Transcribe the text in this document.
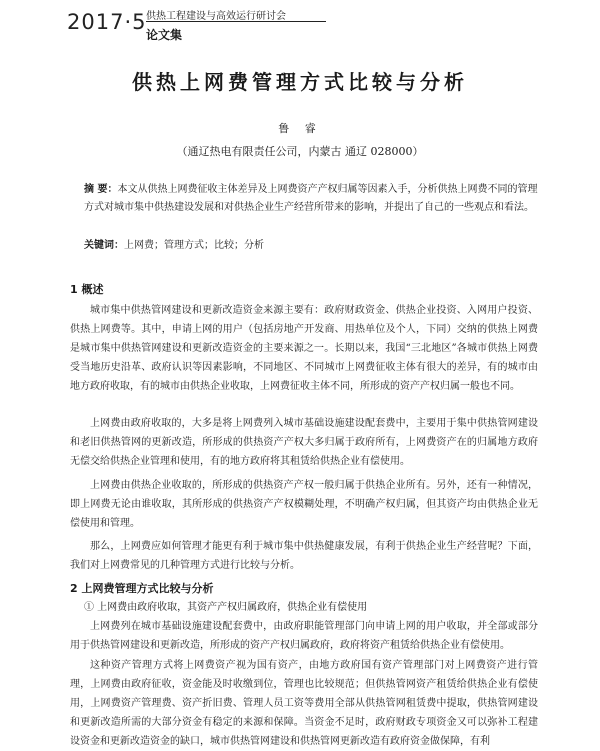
2017·5 供热工程建设与高效运行研讨会
论文集
供热上网费管理方式比较与分析
鲁 睿
（通辽热电有限责任公司，内蒙古 通辽 028000）
摘 要：本文从供热上网费征收主体差异及上网费资产产权归属等因素入手，分析供热上网费不同的管理方式对城市集中供热建设发展和对供热企业生产经营所带来的影响，并提出了自己的一些观点和看法。
关键词：上网费；管理方式；比较；分析
1 概述
城市集中供热管网建设和更新改造资金来源主要有：政府财政资金、供热企业投资、入网用户投资、供热上网费等。其中，申请上网的用户（包括房地产开发商、用热单位及个人，下同）交纳的供热上网费是城市集中供热管网建设和更新改造资金的主要来源之一。长期以来，我国“三北地区”各城市供热上网费受当地历史沿革、政府认识等因素影响，不同地区、不同城市上网费征收主体有很大的差异，有的城市由地方政府收取，有的城市由供热企业收取，上网费征收主体不同，所形成的资产产权归属一般也不同。
上网费由政府收取的，大多是将上网费列入城市基础设施建设配套费中，主要用于集中供热管网建设和老旧供热管网的更新改造，所形成的供热资产产权大多归属于政府所有，上网费资产在的归属地方政府无偿交给供热企业管理和使用，有的地方政府将其租赁给供热企业有偿使用。
上网费由供热企业收取的，所形成的供热资产产权一般归属于供热企业所有。另外，还有一种情况，即上网费无论由谁收取，其所形成的供热资产产权模糊处理，不明确产权归属，但其资产均由供热企业无偿使用和管理。
那么，上网费应如何管理才能更有利于城市集中供热健康发展，有利于供热企业生产经营呢？下面，我们对上网费常见的几种管理方式进行比较与分析。
2 上网费管理方式比较与分析
① 上网费由政府收取，其资产产权归属政府，供热企业有偿使用
上网费列在城市基础设施建设配套费中，由政府职能管理部门向申请上网的用户收取，并全部或部分用于供热管网建设和更新改造，所形成的资产产权归属政府，政府将资产租赁给供热企业有偿使用。
这种资产管理方式将上网费资产视为国有资产，由地方政府国有资产管理部门对上网费资产进行管理，上网费由政府征收，资金能及时收缴到位，管理也比较规范；但供热管网资产租赁给供热企业有偿使用，上网费资产管理费、资产折旧费、管理人员工资等费用全部从供热管网租赁费中提取，供热管网建设和更新改造所需的大部分资金有稳定的来源和保障。当资金不足时，政府财政专项资金又可以弥补工程建设资金和更新改造资金的缺口，城市供热管网建设和供热管网更新改造有政府资金做保障，有利
